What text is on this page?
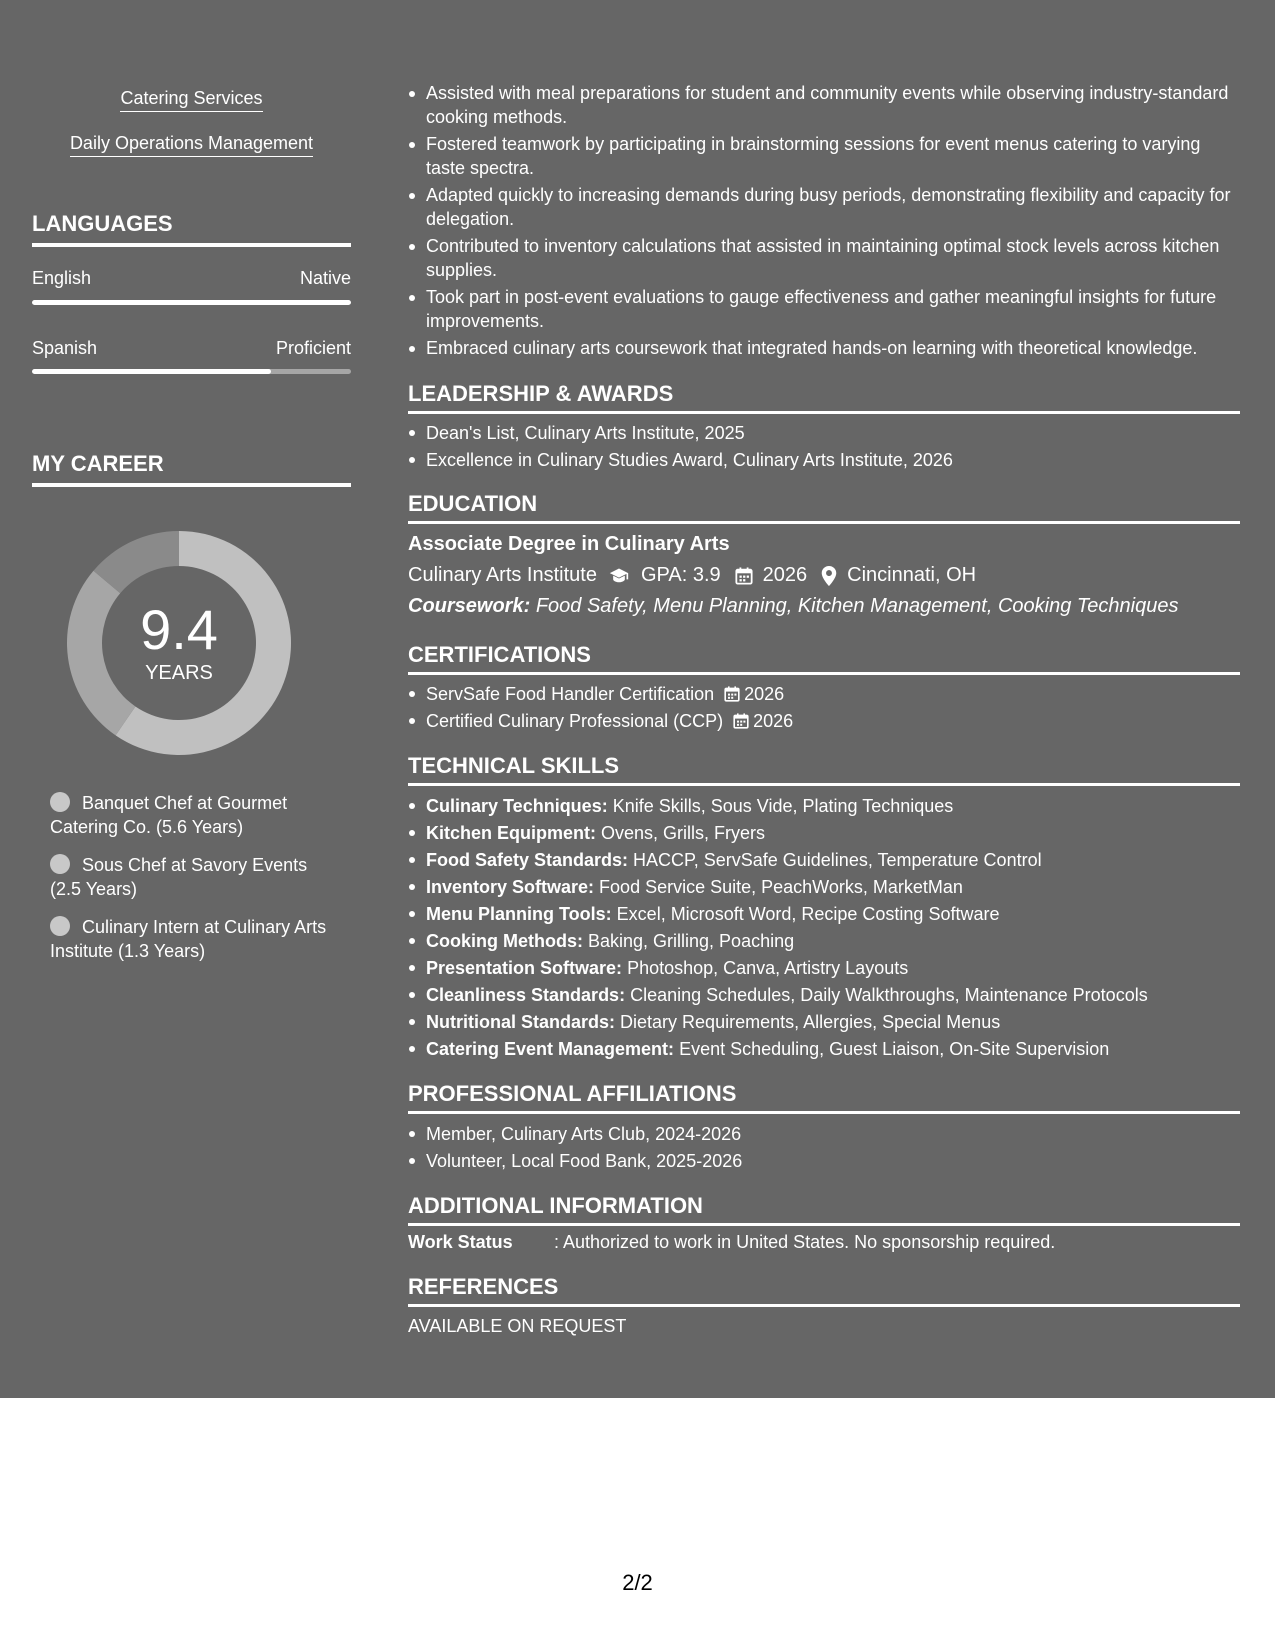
Catering Services
Daily Operations Management
LANGUAGES
English	Native
Spanish	Proficient
MY CAREER
9.4
YEARS
Banquet Chef at Gourmet Catering Co. (5.6 Years)
Sous Chef at Savory Events (2.5 Years)
Culinary Intern at Culinary Arts Institute (1.3 Years)
Assisted with meal preparations for student and community events while observing industry-standard cooking methods.
Fostered teamwork by participating in brainstorming sessions for event menus catering to varying taste spectra.
Adapted quickly to increasing demands during busy periods, demonstrating flexibility and capacity for delegation.
Contributed to inventory calculations that assisted in maintaining optimal stock levels across kitchen supplies.
Took part in post-event evaluations to gauge effectiveness and gather meaningful insights for future improvements.
Embraced culinary arts coursework that integrated hands-on learning with theoretical knowledge.
LEADERSHIP & AWARDS
Dean's List, Culinary Arts Institute, 2025
Excellence in Culinary Studies Award, Culinary Arts Institute, 2026
EDUCATION
Associate Degree in Culinary Arts
Culinary Arts Institute GPA: 3.9 2026 Cincinnati, OH
Coursework: Food Safety, Menu Planning, Kitchen Management, Cooking Techniques
CERTIFICATIONS
ServSafe Food Handler Certification 2026
Certified Culinary Professional (CCP) 2026
TECHNICAL SKILLS
Culinary Techniques: Knife Skills, Sous Vide, Plating Techniques
Kitchen Equipment: Ovens, Grills, Fryers
Food Safety Standards: HACCP, ServSafe Guidelines, Temperature Control
Inventory Software: Food Service Suite, PeachWorks, MarketMan
Menu Planning Tools: Excel, Microsoft Word, Recipe Costing Software
Cooking Methods: Baking, Grilling, Poaching
Presentation Software: Photoshop, Canva, Artistry Layouts
Cleanliness Standards: Cleaning Schedules, Daily Walkthroughs, Maintenance Protocols
Nutritional Standards: Dietary Requirements, Allergies, Special Menus
Catering Event Management: Event Scheduling, Guest Liaison, On-Site Supervision
PROFESSIONAL AFFILIATIONS
Member, Culinary Arts Club, 2024-2026
Volunteer, Local Food Bank, 2025-2026
ADDITIONAL INFORMATION
Work Status : Authorized to work in United States. No sponsorship required.
REFERENCES
AVAILABLE ON REQUEST
2/2
